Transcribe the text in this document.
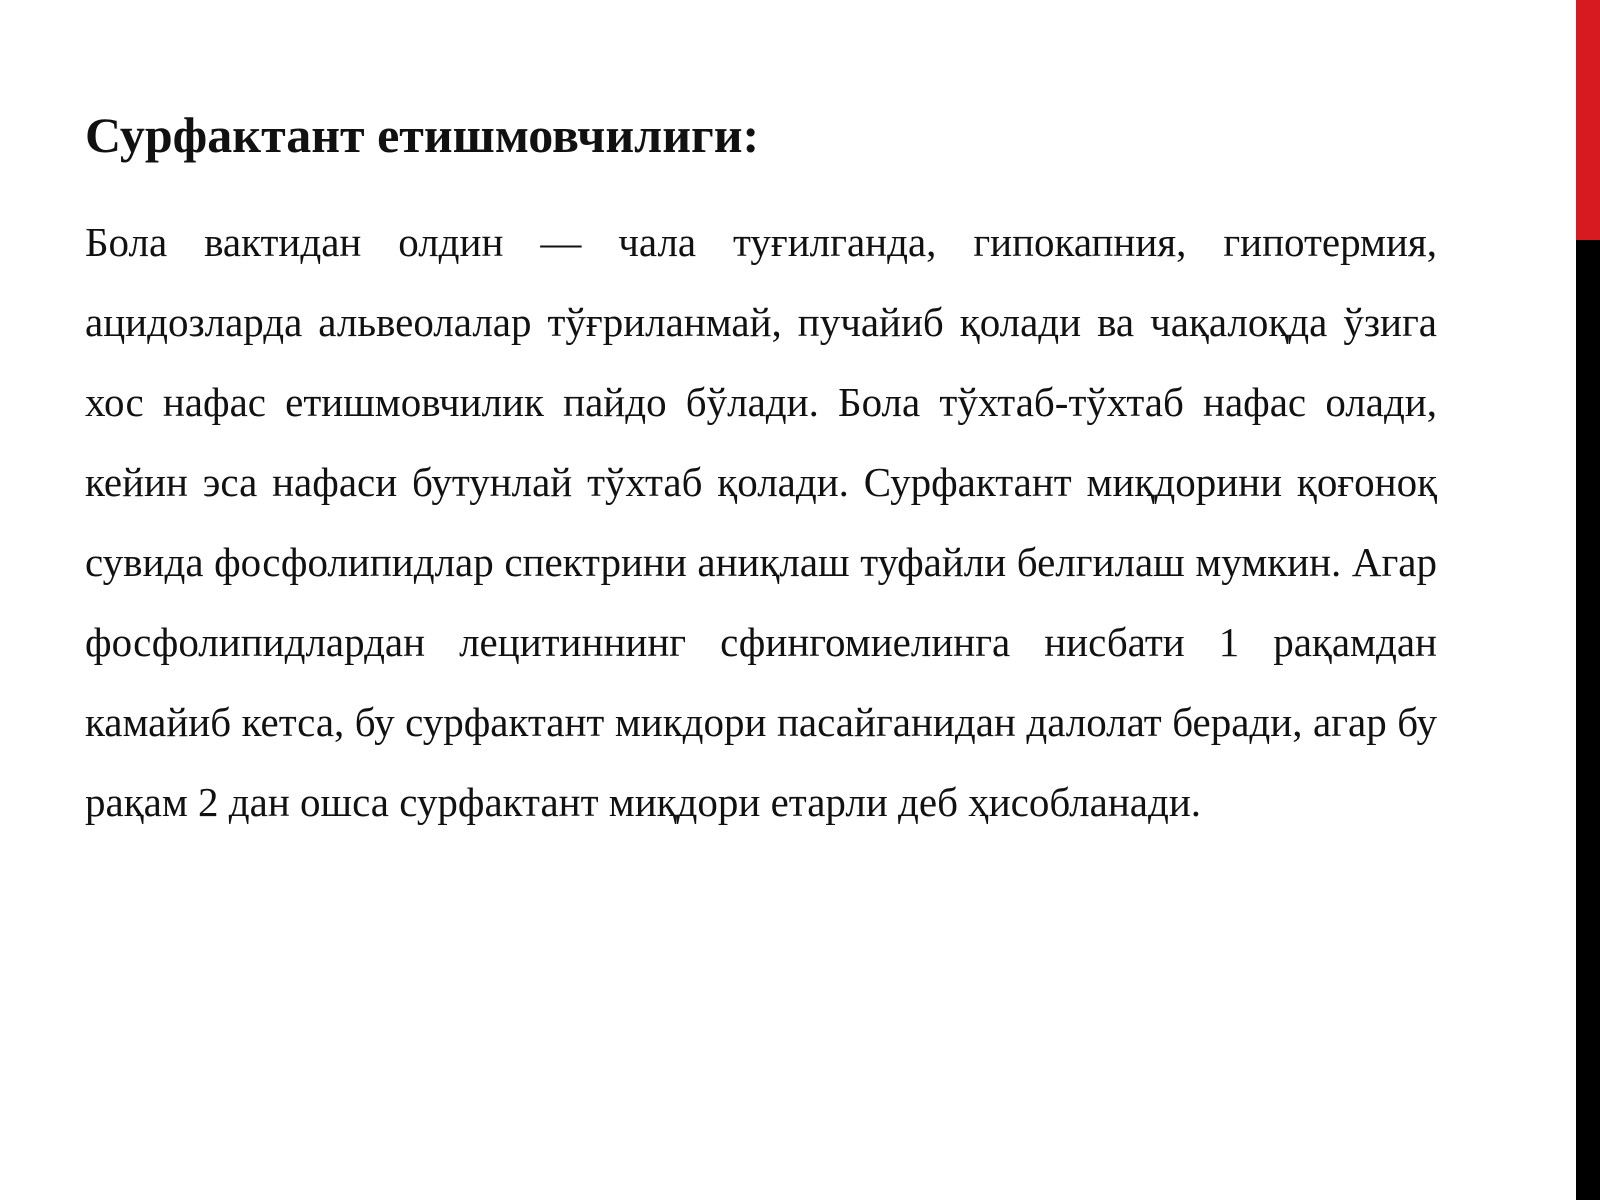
Сурфактант етишмовчилиги:

Бола вактидан олдин — чала туғилганда, гипокапния, гипотермия, ацидозларда альвеолалар тўғриланмай, пучайиб қолади ва чақалоқда ўзига хос нафас етишмовчилик пайдо бўлади. Бола тўхтаб-тўхтаб нафас олади, кейин эса нафаси бутунлай тўхтаб қолади. Сурфактант миқдорини қоғоноқ сувида фосфолипидлар спектрини аниқлаш туфайли белгилаш мумкин. Агар фосфолипидлардан лецитиннинг сфингомиелинга нисбати 1 рақамдан камайиб кетса, бу сурфактант микдори пасайганидан далолат беради, агар бу рақам 2 дан ошса сурфактант миқдори етарли деб ҳисобланади.
